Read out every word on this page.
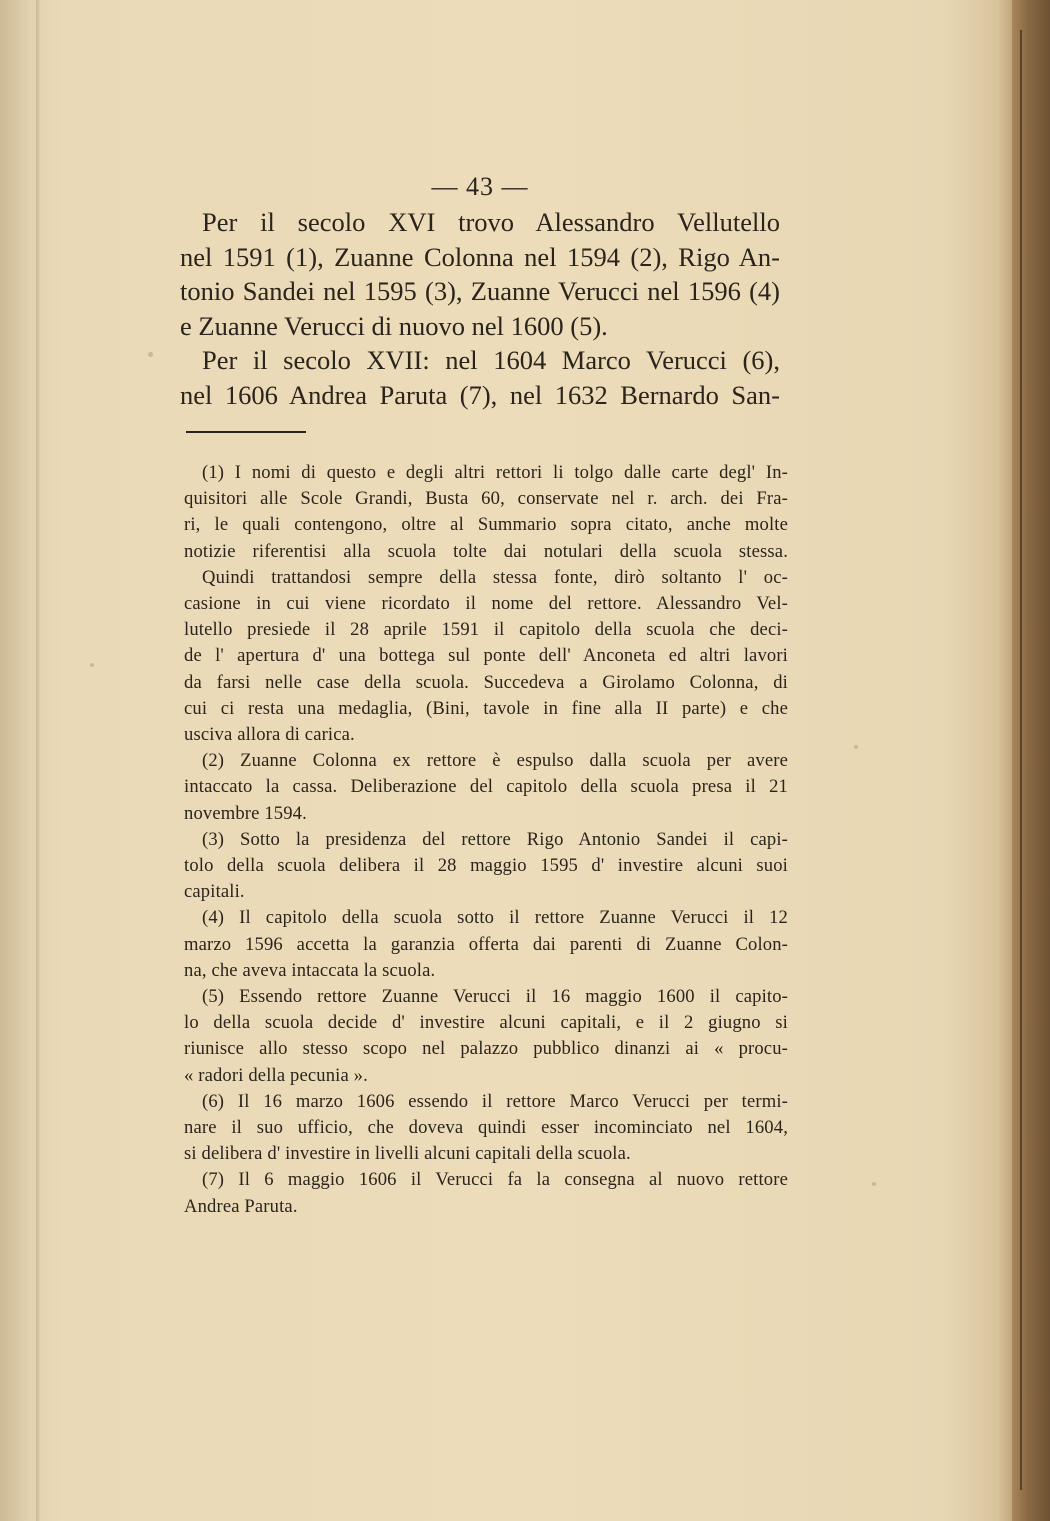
— 43 —
Per il secolo XVI trovo Alessandro Vellutello
nel 1591 (1), Zuanne Colonna nel 1594 (2), Rigo An-
tonio Sandei nel 1595 (3), Zuanne Verucci nel 1596 (4)
e Zuanne Verucci di nuovo nel 1600 (5).
Per il secolo XVII: nel 1604 Marco Verucci (6),
nel 1606 Andrea Paruta (7), nel 1632 Bernardo San-
(1) I nomi di questo e degli altri rettori li tolgo dalle carte degl' In-
quisitori alle Scole Grandi, Busta 60, conservate nel r. arch. dei Fra-
ri, le quali contengono, oltre al Summario sopra citato, anche molte
notizie riferentisi alla scuola tolte dai notulari della scuola stessa.
Quindi trattandosi sempre della stessa fonte, dirò soltanto l' oc-
casione in cui viene ricordato il nome del rettore. Alessandro Vel-
lutello presiede il 28 aprile 1591 il capitolo della scuola che deci-
de l' apertura d' una bottega sul ponte dell' Anconeta ed altri lavori
da farsi nelle case della scuola. Succedeva a Girolamo Colonna, di
cui ci resta una medaglia, (Bini, tavole in fine alla II parte) e che
usciva allora di carica.
(2) Zuanne Colonna ex rettore è espulso dalla scuola per avere
intaccato la cassa. Deliberazione del capitolo della scuola presa il 21
novembre 1594.
(3) Sotto la presidenza del rettore Rigo Antonio Sandei il capi-
tolo della scuola delibera il 28 maggio 1595 d' investire alcuni suoi
capitali.
(4) Il capitolo della scuola sotto il rettore Zuanne Verucci il 12
marzo 1596 accetta la garanzia offerta dai parenti di Zuanne Colon-
na, che aveva intaccata la scuola.
(5) Essendo rettore Zuanne Verucci il 16 maggio 1600 il capito-
lo della scuola decide d' investire alcuni capitali, e il 2 giugno si
riunisce allo stesso scopo nel palazzo pubblico dinanzi ai « procu-
« radori della pecunia ».
(6) Il 16 marzo 1606 essendo il rettore Marco Verucci per termi-
nare il suo ufficio, che doveva quindi esser incominciato nel 1604,
si delibera d' investire in livelli alcuni capitali della scuola.
(7) Il 6 maggio 1606 il Verucci fa la consegna al nuovo rettore
Andrea Paruta.
